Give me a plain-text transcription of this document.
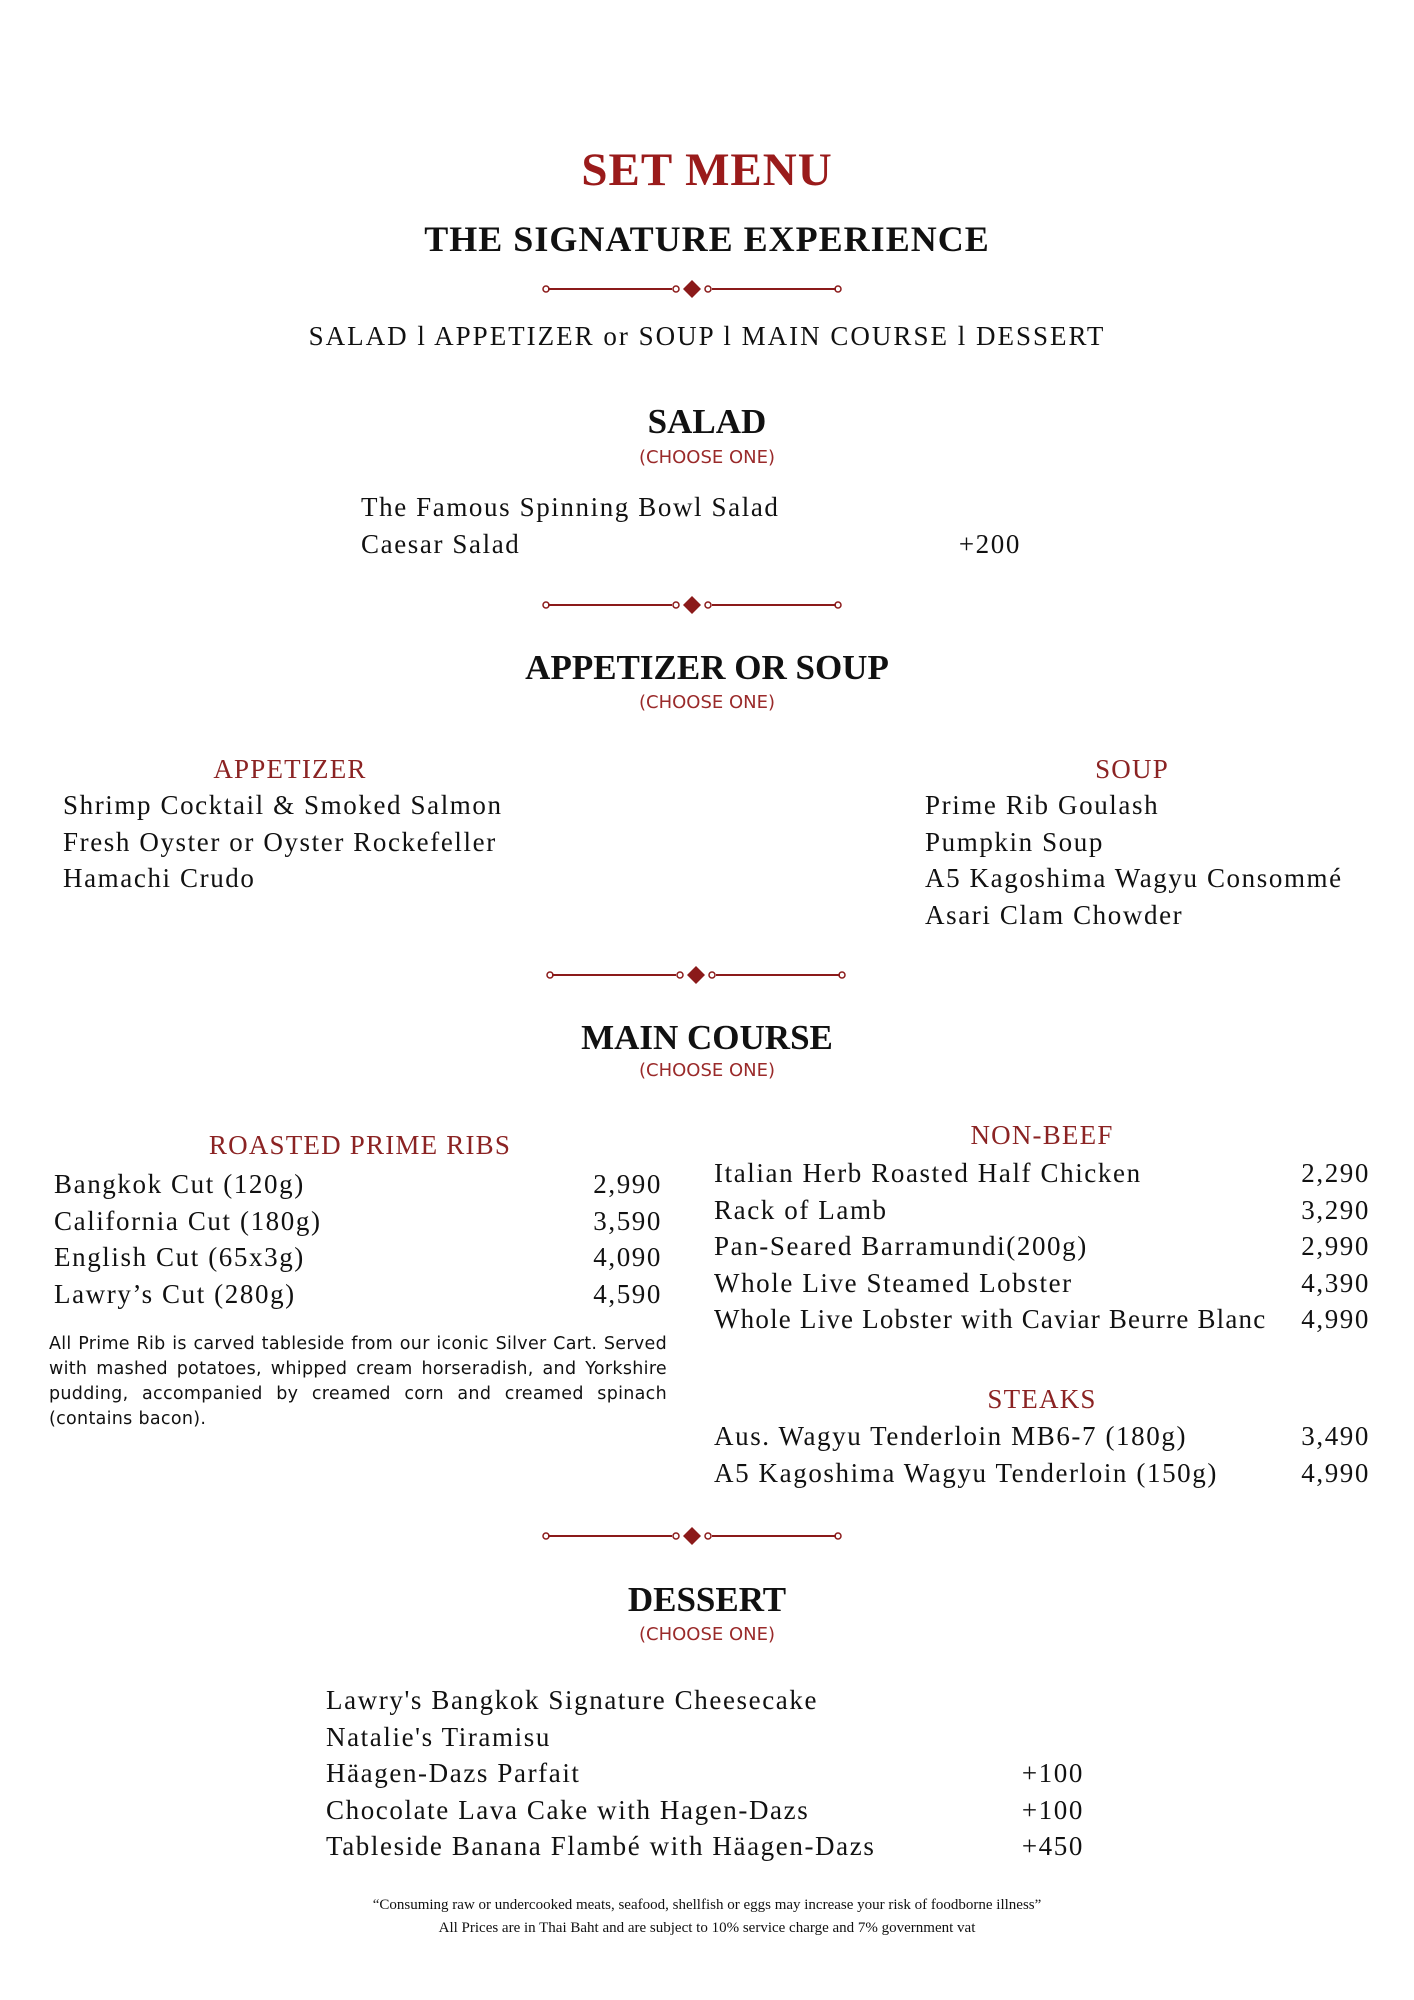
SET MENU
THE SIGNATURE EXPERIENCE
SALAD l APPETIZER or SOUP l MAIN COURSE l DESSERT
SALAD
(CHOOSE ONE)
The Famous Spinning Bowl Salad
Caesar Salad	+200
APPETIZER OR SOUP
(CHOOSE ONE)
APPETIZER
Shrimp Cocktail & Smoked Salmon
Fresh Oyster or Oyster Rockefeller
Hamachi Crudo
SOUP
Prime Rib Goulash
Pumpkin Soup
A5 Kagoshima Wagyu Consommé
Asari Clam Chowder
MAIN COURSE
(CHOOSE ONE)
ROASTED PRIME RIBS
Bangkok Cut (120g)	2,990
California Cut (180g)	3,590
English Cut (65x3g)	4,090
Lawry’s Cut (280g)	4,590
All Prime Rib is carved tableside from our iconic Silver Cart. Served with mashed potatoes, whipped cream horseradish, and Yorkshire pudding, accompanied by creamed corn and creamed spinach (contains bacon).
NON-BEEF
Italian Herb Roasted Half Chicken	2,290
Rack of Lamb	3,290
Pan-Seared Barramundi(200g)	2,990
Whole Live Steamed Lobster	4,390
Whole Live Lobster with Caviar Beurre Blanc 4,990
STEAKS
Aus. Wagyu Tenderloin MB6-7 (180g)	3,490
A5 Kagoshima Wagyu Tenderloin (150g)	4,990
DESSERT
(CHOOSE ONE)
Lawry's Bangkok Signature Cheesecake
Natalie's Tiramisu
Häagen-Dazs Parfait	+100
Chocolate Lava Cake with Hagen-Dazs	+100
Tableside Banana Flambé with Häagen-Dazs	+450
“Consuming raw or undercooked meats, seafood, shellfish or eggs may increase your risk of foodborne illness”
All Prices are in Thai Baht and are subject to 10% service charge and 7% government vat
